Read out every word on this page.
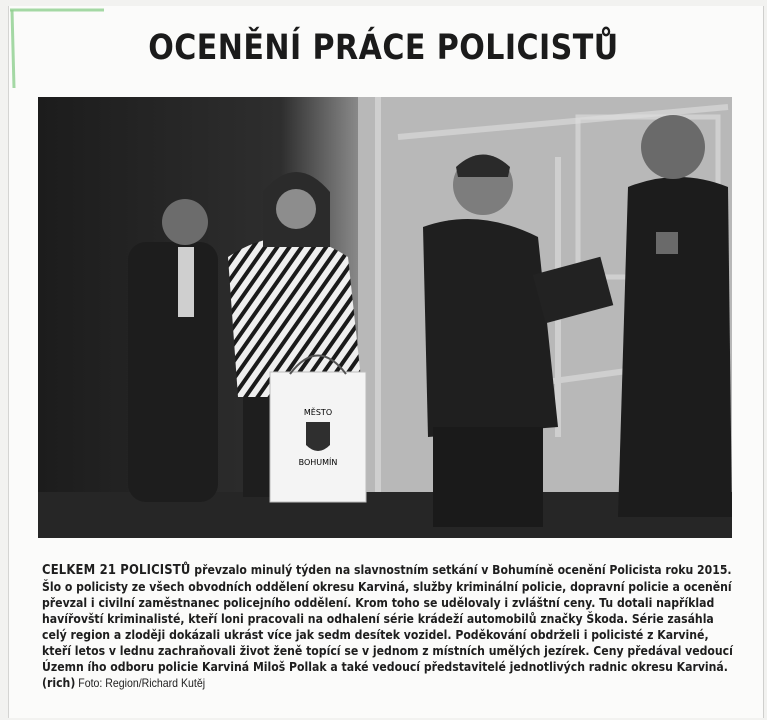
OCENĚNÍ PRÁCE POLICISTŮ
MĚSTO
BOHUMÍN
CELKEM 21 POLICISTŮ převzalo minulý týden na slavnostním setkání v Bohumíně ocenění Policista roku 2015. Šlo o policisty ze všech obvodních oddělení okresu Karviná, služby kriminální policie, dopravní policie a ocenění převzal i civilní zaměstnanec policejního oddělení. Krom toho se udělovaly i zvláštní ceny. Tu dotali například havířovští kriminalisté, kteří loni pracovali na odhalení série krádeží automobilů značky Škoda. Série zasáhla celý region a zloději dokázali ukrást více jak sedm desítek vozidel. Poděkování obdrželi i policisté z Karviné, kteří letos v lednu zachraňovali život ženě topící se v jednom z místních umělých jezírek. Ceny předával vedoucí Územn ího odboru policie Karviná Miloš Pollak a také vedoucí představitelé jednotlivých radnic okresu Karviná. (rich) Foto: Region/Richard Kutěj
